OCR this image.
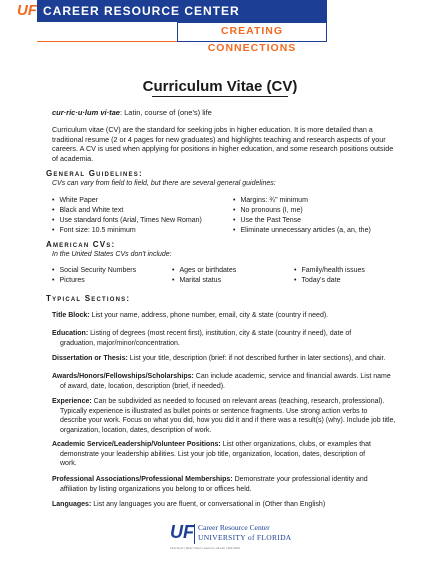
UF CAREER RESOURCE CENTER
CREATING CONNECTIONS
Curriculum Vitae (CV)
cur·ric·u·lum vi·tae: Latin, course of (one's) life
Curriculum vitae (CV) are the standard for seeking jobs in higher education. It is more detailed than a
traditional resume (2 or 4 pages for new graduates) and highlights teaching and research aspects of your
careers. A CV is used when applying for positions in higher education, and some research positions outside
of academia.
General Guidelines:
CVs can vary from field to field, but there are several general guidelines:
• White Paper
• Black and White text
• Use standard fonts (Arial, Times New Roman)
• Font size: 10.5 minimum
• Margins: ¾" minimum
• No pronouns (I, me)
• Use the Past Tense
• Eliminate unnecessary articles (a, an, the)
American CVs:
In the United States CVs don't include:
• Social Security Numbers
• Pictures
• Ages or birthdates
• Marital status
• Family/health issues
• Today's date
Typical Sections:
Title Block: List your name, address, phone number, email, city & state (country if need).
Education: Listing of degrees (most recent first), institution, city & state (country if need), date of
graduation, major/minor/concentration.
Dissertation or Thesis: List your title, description (brief: if not described further in later sections), and chair.
Awards/Honors/Fellowships/Scholarships: Can include academic, service and financial awards. List name
of award, date, location, description (brief, if needed).
Experience: Can be subdivided as needed to focused on relevant areas (teaching, research, professional).
Typically experience is illustrated as bullet points or sentence fragments. Use strong action verbs to
describe your work. Focus on what you did, how you did it and if there was a result(s) (why). Include job title,
organization, location, dates, description of work.
Academic Service/Leadership/Volunteer Positions: List other organizations, clubs, or examples that
demonstrate your leadership abilities. List your job title, organization, location, dates, description of
work.
Professional Associations/Professional Memberships: Demonstrate your professional identity and
affiliation by listing organizations you belong to or offices held.
Languages: List any languages you are fluent, or conversational in (Other than English)
UF Career Resource Center
UNIVERSITY of FLORIDA
First Floor | Reitz Union | www.crc.ufl.edu | 392-1601
